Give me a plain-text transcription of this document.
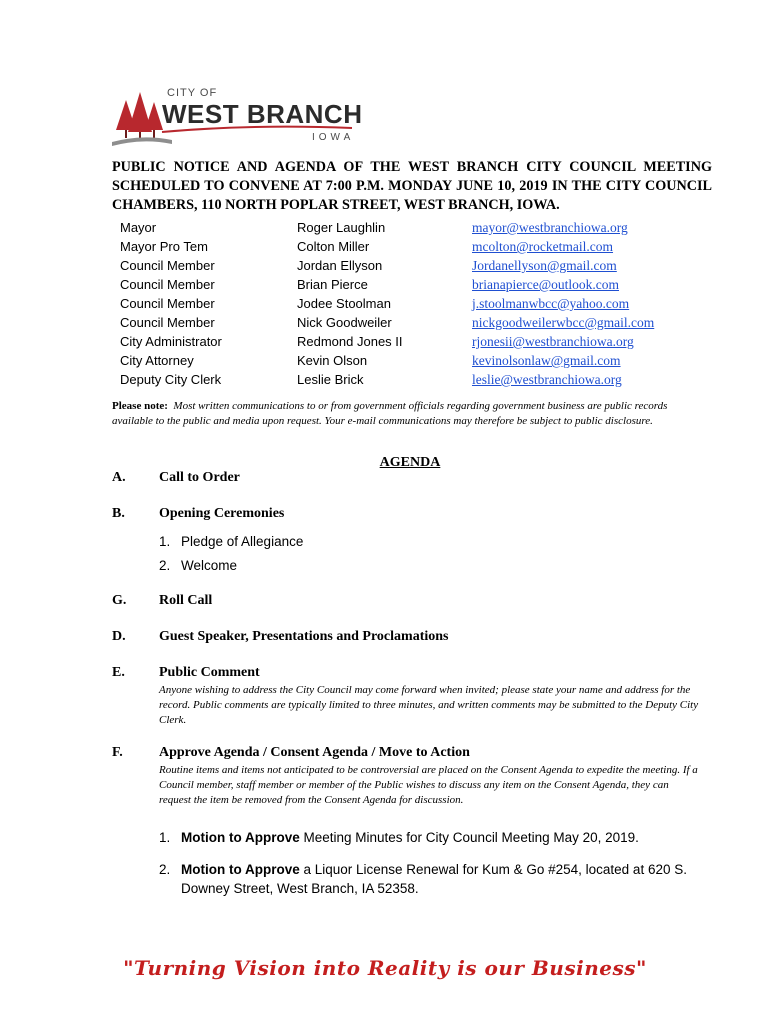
CITY OF
WEST BRANCH
IOWA
PUBLIC NOTICE AND AGENDA OF THE WEST BRANCH CITY COUNCIL MEETING SCHEDULED TO CONVENE AT 7:00 P.M. MONDAY JUNE 10, 2019 IN THE CITY COUNCIL CHAMBERS, 110 NORTH POPLAR STREET, WEST BRANCH, IOWA.
Mayor	Roger Laughlin	mayor@westbranchiowa.org
Mayor Pro Tem	Colton Miller	mcolton@rocketmail.com
Council Member	Jordan Ellyson	Jordanellyson@gmail.com
Council Member	Brian Pierce	brianapierce@outlook.com
Council Member	Jodee Stoolman	j.stoolmanwbcc@yahoo.com
Council Member	Nick Goodweiler	nickgoodweilerwbcc@gmail.com
City Administrator	Redmond Jones II	rjonesii@westbranchiowa.org
City Attorney	Kevin Olson	kevinolsonlaw@gmail.com
Deputy City Clerk	Leslie Brick	leslie@westbranchiowa.org
Please note: Most written communications to or from government officials regarding government business are public records available to the public and media upon request. Your e-mail communications may therefore be subject to public disclosure.
AGENDA
A. Call to Order
B. Opening Ceremonies
1. Pledge of Allegiance
2. Welcome
G. Roll Call
D. Guest Speaker, Presentations and Proclamations
E. Public Comment
Anyone wishing to address the City Council may come forward when invited; please state your name and address for the record. Public comments are typically limited to three minutes, and written comments may be submitted to the Deputy City Clerk.
F.	Approve Agenda / Consent Agenda / Move to Action
Routine items and items not anticipated to be controversial are placed on the Consent Agenda to expedite the meeting. If a Council member, staff member or member of the Public wishes to discuss any item on the Consent Agenda, they can request the item be removed from the Consent Agenda for discussion.
1. Motion to Approve Meeting Minutes for City Council Meeting May 20, 2019.
2. Motion to Approve a Liquor License Renewal for Kum & Go #254, located at 620 S. Downey Street, West Branch, IA 52358.
"Turning Vision into Reality is our Business"
